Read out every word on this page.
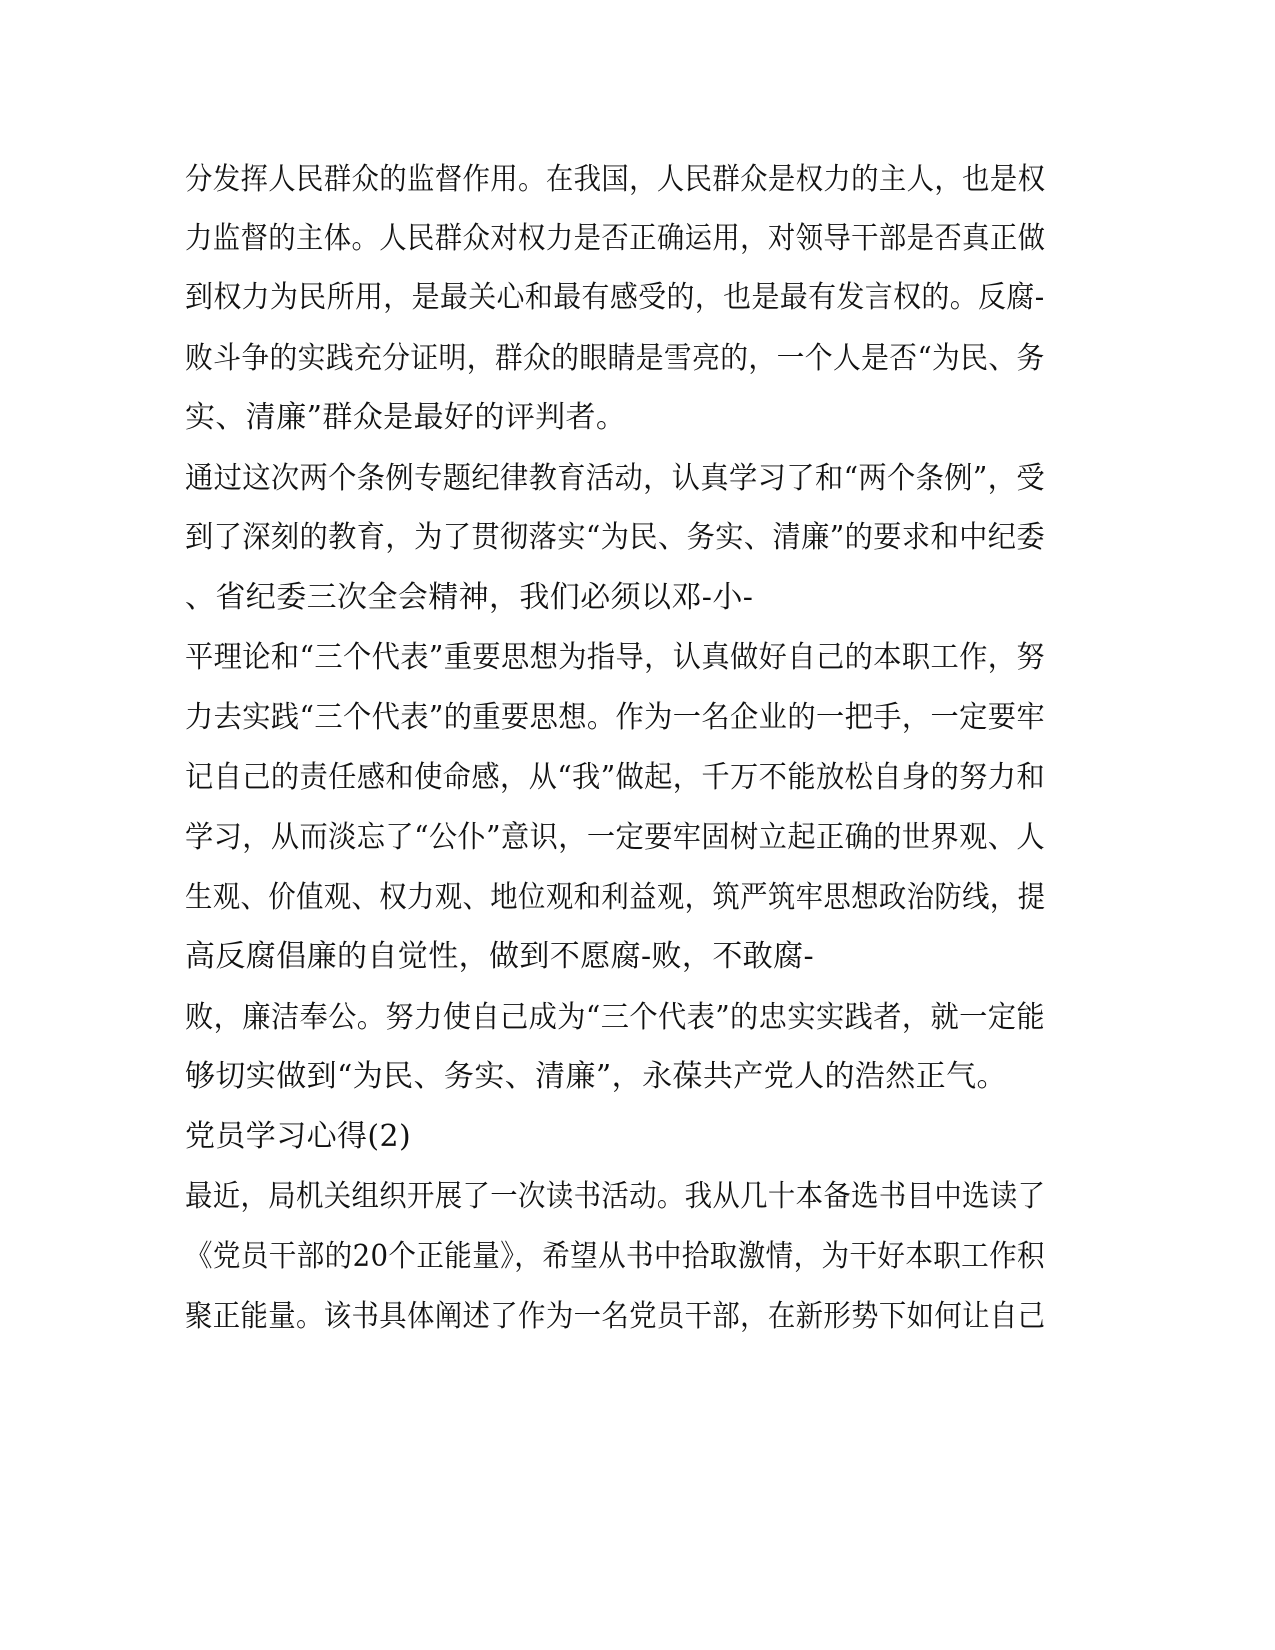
分发挥人民群众的监督作用。在我国，人民群众是权力的主人，也是权
力监督的主体。人民群众对权力是否正确运用，对领导干部是否真正做
到权力为民所用，是最关心和最有感受的，也是最有发言权的。反腐-
败斗争的实践充分证明，群众的眼睛是雪亮的，一个人是否“为民、务
实、清廉”群众是最好的评判者。
通过这次两个条例专题纪律教育活动，认真学习了和“两个条例”，受
到了深刻的教育，为了贯彻落实“为民、务实、清廉”的要求和中纪委
、省纪委三次全会精神，我们必须以邓-小-
平理论和“三个代表”重要思想为指导，认真做好自己的本职工作，努
力去实践“三个代表”的重要思想。作为一名企业的一把手，一定要牢
记自己的责任感和使命感，从“我”做起，千万不能放松自身的努力和
学习，从而淡忘了“公仆”意识，一定要牢固树立起正确的世界观、人
生观、价值观、权力观、地位观和利益观，筑严筑牢思想政治防线，提
高反腐倡廉的自觉性，做到不愿腐-败，不敢腐-
败，廉洁奉公。努力使自己成为“三个代表”的忠实实践者，就一定能
够切实做到“为民、务实、清廉”，永葆共产党人的浩然正气。
党员学习心得(2)
最近，局机关组织开展了一次读书活动。我从几十本备选书目中选读了
《党员干部的20个正能量》，希望从书中拾取激情，为干好本职工作积
聚正能量。该书具体阐述了作为一名党员干部，在新形势下如何让自己
